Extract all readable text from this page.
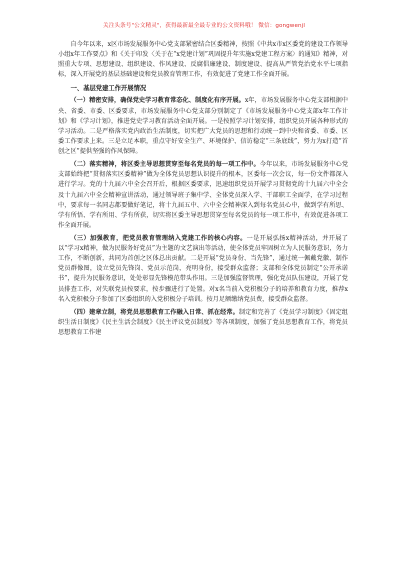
关注头条号"公文精灵"，获得最新最全最专业的公文资料哦！ 微信：gongwenjl

自今年以来，x区市场发展服务中心党支部紧密结合区委精神，按照《中共x市x区委党的建设工作领导小组x年工作要点》和《关于印发〈关于在“x党建计划”巩固提升年实施x党建工程方案〉的通知》精神，对照重大专项、思想建设、组织建设、作风建设、反腐倡廉建设、制度建设、提高从严管党治党水平七项指标，深入开展党的基层基础建设和党员教育管理工作，有效促进了党建工作全面开展。

一、基层党建工作开展情况

（一）精密安排，确保党史学习教育常态化、制度化有序开展。x年，市场发展服务中心党支部根据中央、省委、市委、区委要求，市场发展服务中心党支部分别制定了《市场发展服务中心党支部x年工作计划》和《学习计划》，推进党史学习教育活动全面开展。一是按照学习计划安排，组织党员开展各种形式的学习活动。二是严格落实党内政治生活制度，切实把广大党员的思想和行动统一到中央和省委、市委、区委工作要求上来。三是立足本职，重点守好安全生产、环境保护、信访稳定“三条底线”，努力为x打造“首创之区”提供坚强的作风保障。

（二）落实精神，将区委主导思想贯穿至每名党员的每一项工作中。今年以来，市场发展服务中心党支部始终把“贯彻落实区委精神”做为全体党员思想认识提升的根本，区委每一次会议，每一份文件都深入进行学习。党的十九届六中全会召开后，根据区委要求，迅速组织党员开展学习贯彻党的十九届六中全会及十九届六中全会精神宣讲活动，通过领导班子集中学、全体党员深入学、干部职工全面学，在学习过程中，要求每一名同志都要做好笔记，将十九届五中、六中全会精神深入到每名党员心中，做到学有所思、学有所悟、学有所用、学有所获，切实将区委主导思想贯穿至每名党员的每一项工作中，有效促进各项工作全面开展。

（三）加强教育，把党员教育管理纳入党建工作的核心内容。一是开展弘扬x精神活动，并开展了以“学习x精神，做为民服务好党员”为主题的文艺演出等活动，使全体党员牢固树立为人民服务意识，务力工作，不断创新，共同为首创之区体总出贡献。二是开展“党员身份、当先锋”，通过统一佩戴党徽、制作党员群像图，设立党员先锋岗、党员示范岗，亮明身份，接受群众监督；支部和全体党员制定“公开承诺书”，提升为民服务意识，处处彰显先锋模范带头作用。三是加强监督管理，强化党员队伍建设，开展了党员排查工作，对失联党员按要求，按步骤进行了处置。对x名当前入党积极分子的培养和教育力度，推荐x名入党积极分子参加了区委组织的入党积极分子培训。按月足额缴纳党员费，接受群众监督。

（四）建章立制，将党员思想教育工作融入日常、抓在经常。制定和完善了《党员学习制度》《固定组织生活日制度》《民主生活会制度》《民主评议党员制度》等各项制度，加强了党员思想教育工作，将党员思想教育工作建
